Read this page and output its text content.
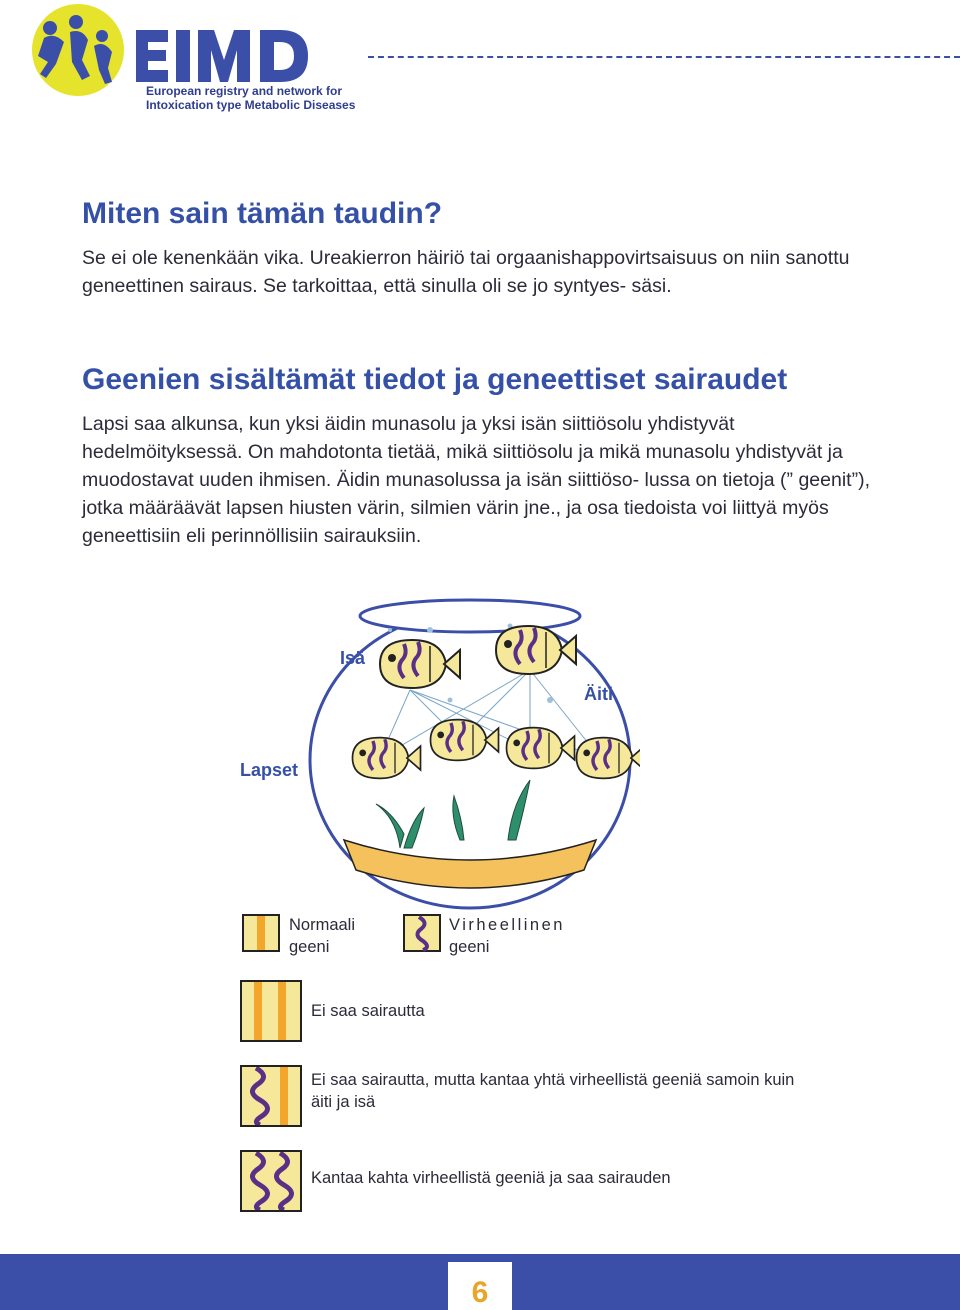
European registry and network for
Intoxication type Metabolic Diseases
Miten sain tämän taudin?
Se ei ole kenenkään vika. Ureakierron häiriö tai orgaanishappovirtsaisuus on niin sanottu geneettinen sairaus. Se tarkoittaa, että sinulla oli se jo syntyes- säsi.
Geenien sisältämät tiedot ja geneettiset sairaudet
Lapsi saa alkunsa, kun yksi äidin munasolu ja yksi isän siittiösolu yhdistyvät hedelmöityksessä. On mahdotonta tietää, mikä siittiösolu ja mikä munasolu yhdistyvät ja muodostavat uuden ihmisen. Äidin munasolussa ja isän siittiöso- lussa on tietoja (” geenit”), jotka määräävät lapsen hiusten värin, silmien värin jne., ja osa tiedoista voi liittyä myös geneettisiin eli perinnöllisiin sairauksiin.
Isä
Äiti
Lapset
Normaali
geeni
Virheellinen
geeni
Ei saa sairautta
Ei saa sairautta, mutta kantaa yhtä virheellistä geeniä samoin kuin äiti ja isä
Kantaa kahta virheellistä geeniä ja saa sairauden
6
